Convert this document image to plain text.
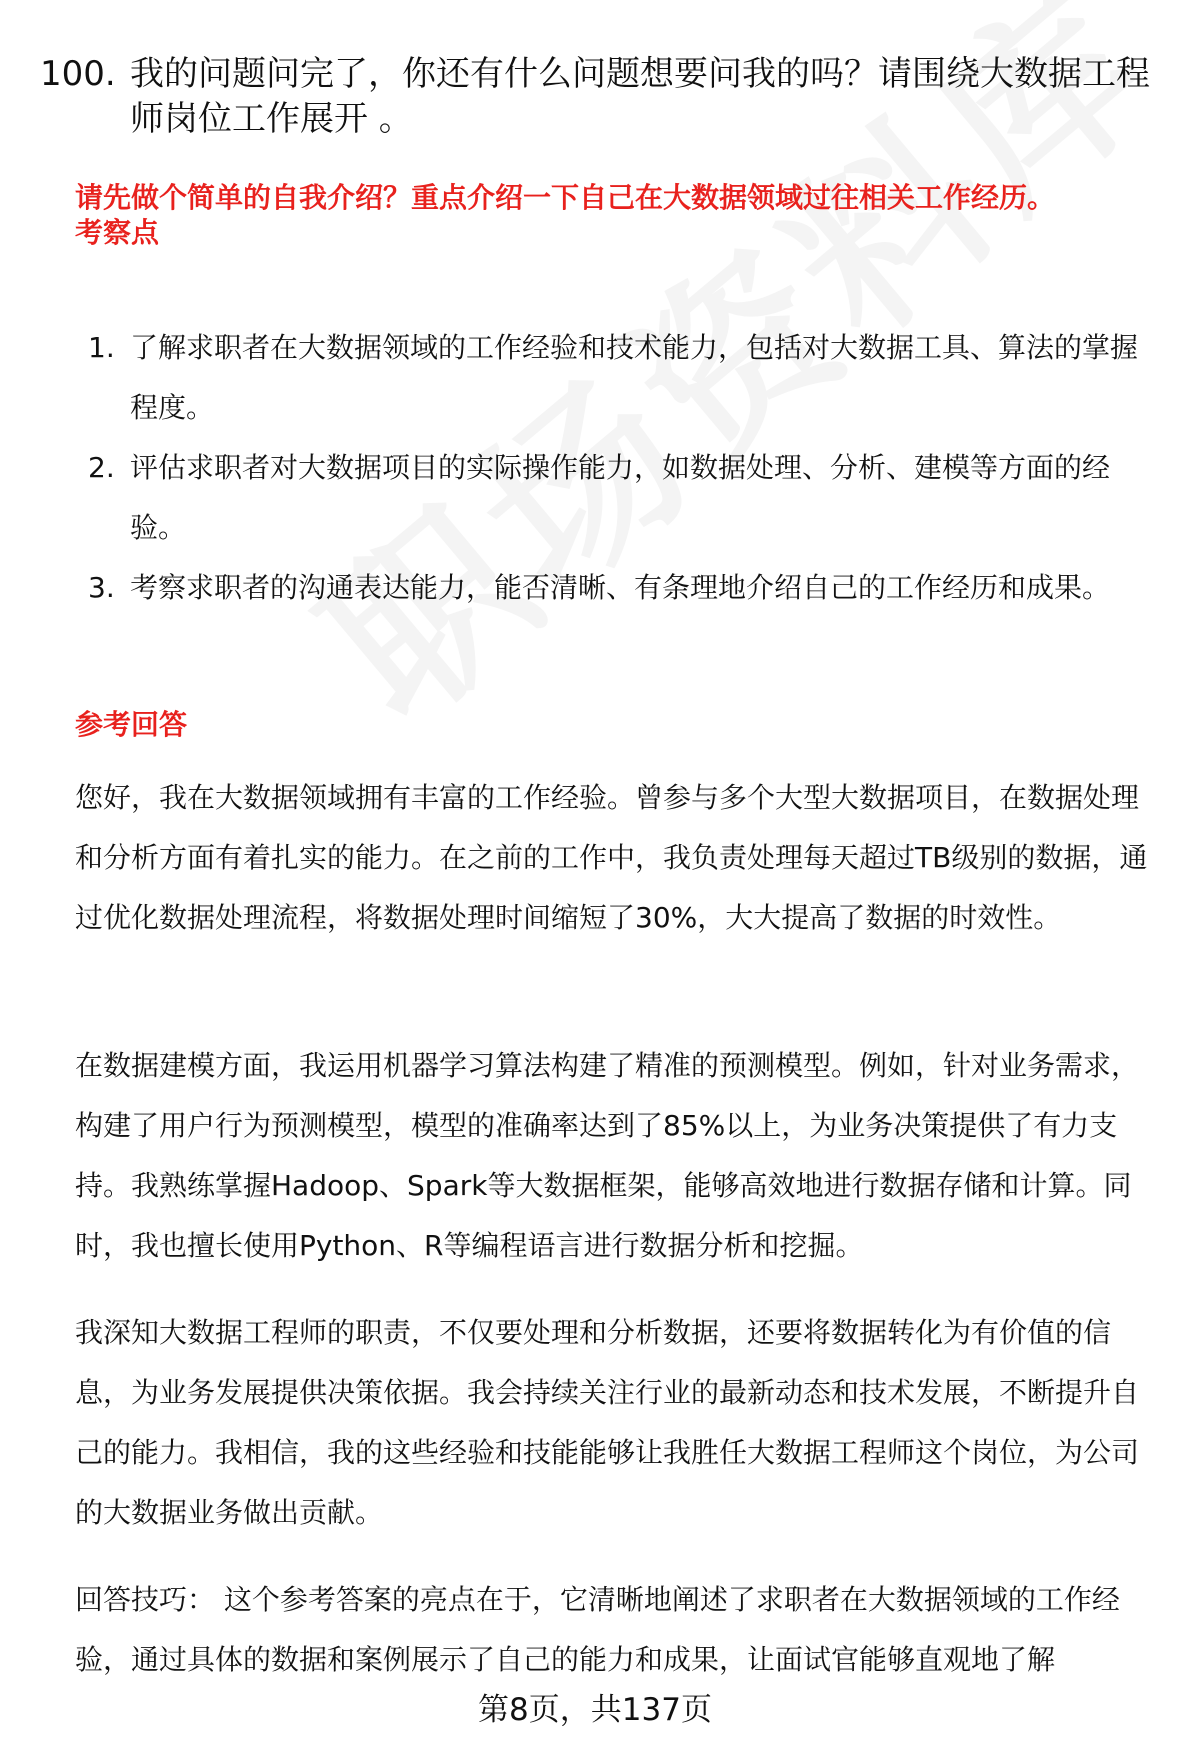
100. 我的问题问完了，你还有什么问题想要问我的吗？请围绕大数据工程师岗位工作展开 。
请先做个简单的自我介绍？重点介绍一下自己在大数据领域过往相关工作经历。
考察点
1. 了解求职者在大数据领域的工作经验和技术能力，包括对大数据工具、算法的掌握程度。
2. 评估求职者对大数据项目的实际操作能力，如数据处理、分析、建模等方面的经验。
3. 考察求职者的沟通表达能力，能否清晰、有条理地介绍自己的工作经历和成果。
参考回答

您好，我在大数据领域拥有丰富的工作经验。曾参与多个大型大数据项目，在数据处理和分析方面有着扎实的能力。在之前的工作中，我负责处理每天超过TB级别的数据，通过优化数据处理流程，将数据处理时间缩短了30%，大大提高了数据的时效性。

在数据建模方面，我运用机器学习算法构建了精准的预测模型。例如，针对业务需求，构建了用户行为预测模型，模型的准确率达到了85%以上，为业务决策提供了有力支持。我熟练掌握Hadoop、Spark等大数据框架，能够高效地进行数据存储和计算。同时，我也擅长使用Python、R等编程语言进行数据分析和挖掘。

我深知大数据工程师的职责，不仅要处理和分析数据，还要将数据转化为有价值的信息，为业务发展提供决策依据。我会持续关注行业的最新动态和技术发展，不断提升自己的能力。我相信，我的这些经验和技能能够让我胜任大数据工程师这个岗位，为公司的大数据业务做出贡献。

回答技巧： 这个参考答案的亮点在于，它清晰地阐述了求职者在大数据领域的工作经验，通过具体的数据和案例展示了自己的能力和成果，让面试官能够直观地了解

第8页，共137页
